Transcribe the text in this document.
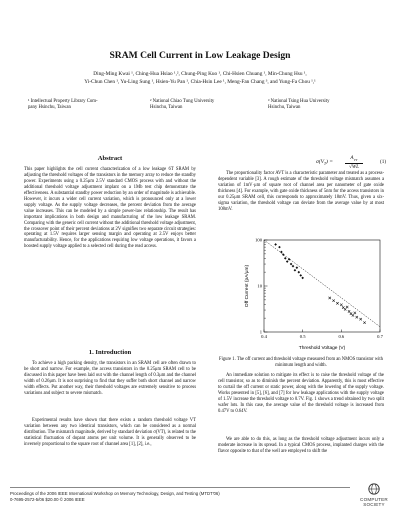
SRAM Cell Current in Low Leakage Design
Ding-Ming Kwai ¹, Ching-Hua Hsiao ¹,², Chung-Ping Kuo ¹, Chi-Hsien Chuang ¹, Min-Chung Hsu ¹,
Yi-Chun Chen ¹, Yu-Ling Sung ¹, Hsien-Yu Pan ¹, Chia-Hsin Lee ¹, Meng-Fan Chang ³, and Yung-Fa Chou ¹,¹
¹ Intellectual Property Library Com-
pany Hsinchu, Taiwan
² National Chiao Tung University
Hsinchu, Taiwan
³ National Tsing Hua University
Hsinchu, Taiwan
Abstract
This paper highlights the cell current characterization of a low leakage 6T SRAM by adjusting the threshold voltages of the transistors in the memory array to reduce the standby power. Experiments using a 0.25μm 2.5V standard CMOS process with and without the additional threshold voltage adjustment implant on a 1Mb test chip demonstrate the effectiveness. A substantial standby power reduction by an order of magnitude is achievable. However, it incurs a wider cell current variation, which is pronounced only at a lower supply voltage. As the supply voltage decreases, the percent deviation from the average value increases. This can be modeled by a simple power-law relationship. The result has important implications in both design and manufacturing of the low leakage SRAM. Comparing with the generic cell current without the additional threshold voltage adjustment, the crossover point of their percent deviations at 2V signifies two separate circuit strategies: operating at 1.5V requires larger sensing margin and operating at 2.5V enjoys better manufacturability. Hence, for the applications requiring low voltage operations, it favors a boosted supply voltage applied to a selected cell during the read access.
1. Introduction
To achieve a high packing density, the transistors in an SRAM cell are often drawn to be short and narrow. For example, the access transistors in the 0.25μm SRAM cell to be discussed in this paper have been laid out with the channel length of 0.3μm and the channel width of 0.26μm. It is not surprising to find that they suffer both short channel and narrow width effects. Put another way, their threshold voltages are extremely sensitive to process variations and subject to severe mismatch.
Experimental results have shown that there exists a random threshold voltage VT variation between any two identical transistors, which can be considered as a normal distribution. The mismatch magnitude, derived by standard deviation σ(VT), is related to the statistical fluctuation of dopant atoms per unit volume. It is generally observed to be inversely proportional to the square root of channel area [1], [2], i.e.,
$\sigma(V_T)$ =
$A_{VT}$
√WL
(1)
The proportionality factor AVT is a characteristic parameter and treated as a process-dependent variable [3]. A rough estimate of the threshold voltage mismatch assumes a variation of 1mV·μm of square root of channel area per nanometer of gate oxide thickness [4]. For example, with gate oxide thickness of 5nm for the access transistors in our 0.25μm SRAM cell, this corresponds to approximately 18mV. Thus, given a six-sigma variation, the threshold voltage can deviate from the average value by at most 108mV.
0.4	0.5	0.6	0.7
1
10
100
Threshold Voltage (V)
Off Current (pA/μm)
Figure 1. The off current and threshold voltage measured from an NMOS transistor with minimum length and width.
An immediate solution to mitigate its effect is to raise the threshold voltage of the cell transistor, so as to diminish the percent deviation. Apparently, this is most effective to curtail the off current or static power, along with the lowering of the supply voltage. Works presented in [5], [6], and [7] for low leakage applications with the supply voltage of 1.5V increase the threshold voltage to 0.7V. Fig. 1 shows a trend obtained by two split wafer lots. In this case, the average value of the threshold voltage is increased from 0.47V to 0.64V.
We are able to do this, as long as the threshold voltage adjustment incurs only a moderate increase in its spread. In a typical CMOS process, implanted charges with the flavor opposite to that of the well are employed to shift the
Proceedings of the 2006 IEEE International Workshop on Memory Technology, Design, and Testing (MTDT'06)
0-7695-2572-5/06 $20.00 © 2006 IEEE	COMPUTER
SOCIETY
